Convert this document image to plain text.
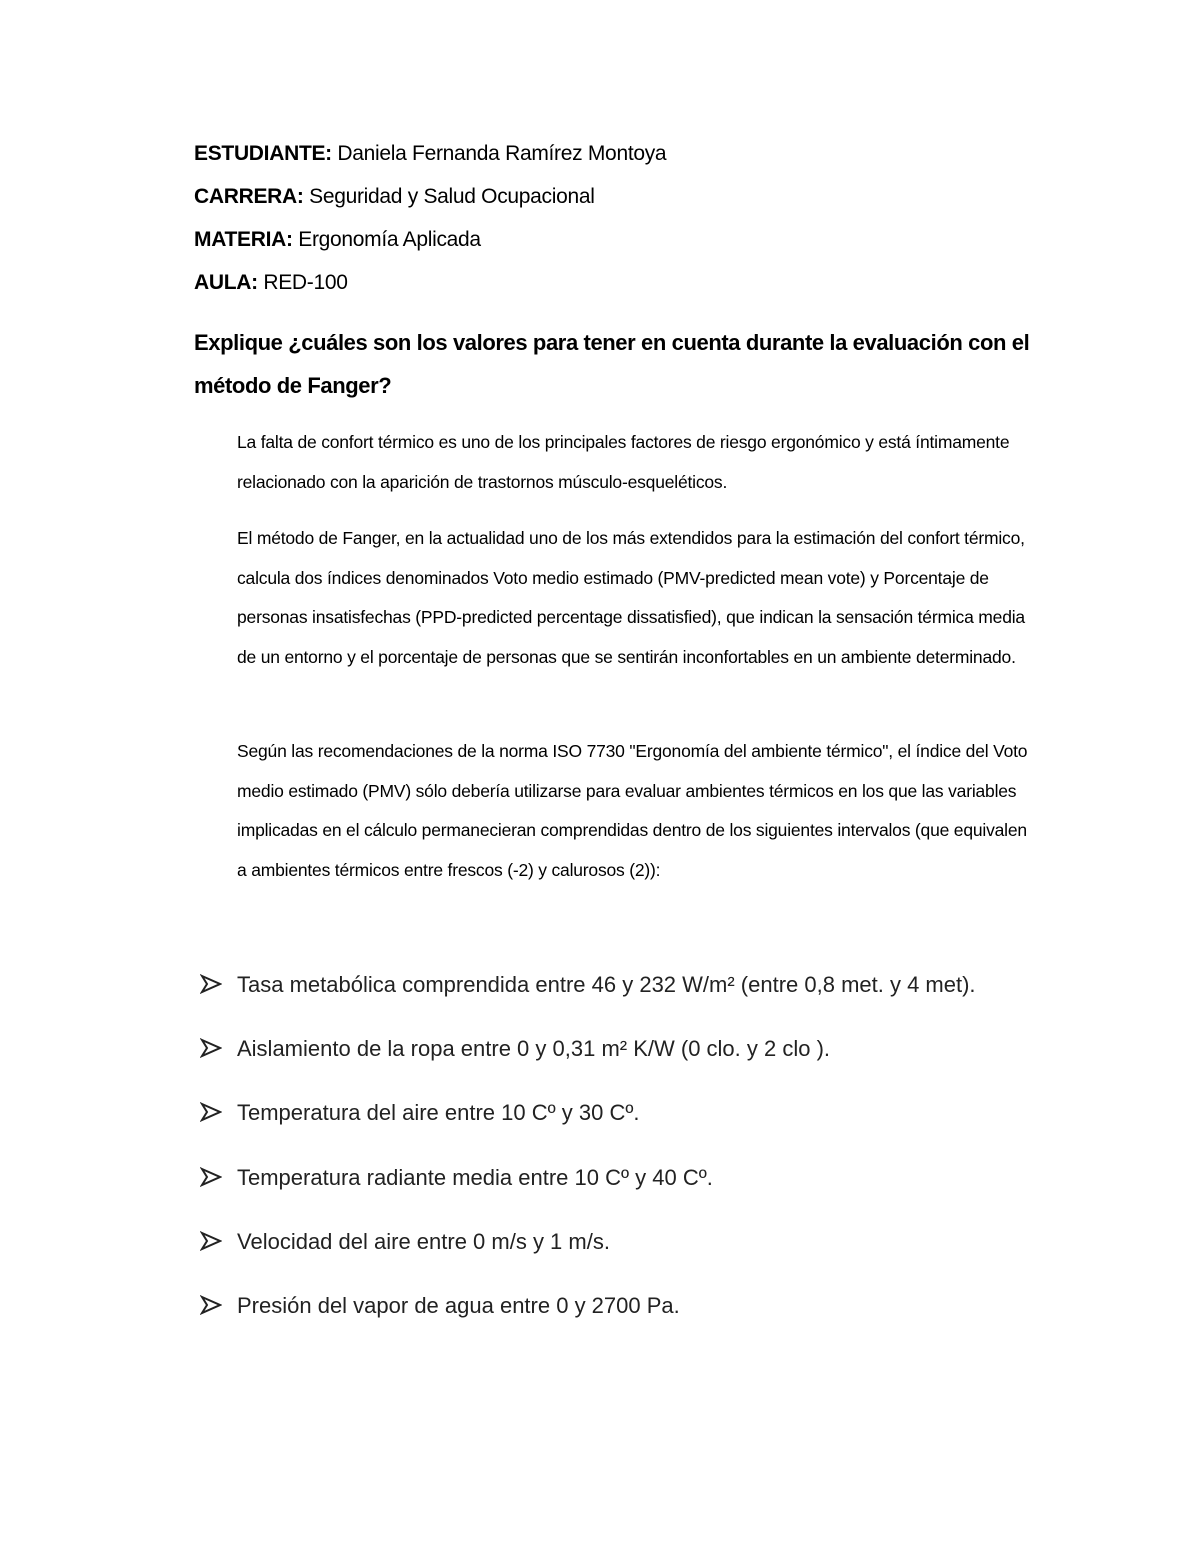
ESTUDIANTE: Daniela Fernanda Ramírez Montoya
CARRERA: Seguridad y Salud Ocupacional
MATERIA: Ergonomía Aplicada
AULA: RED-100

Explique ¿cuáles son los valores para tener en cuenta durante la evaluación con el método de Fanger?

La falta de confort térmico es uno de los principales factores de riesgo ergonómico y está íntimamente relacionado con la aparición de trastornos músculo-esqueléticos.

El método de Fanger, en la actualidad uno de los más extendidos para la estimación del confort térmico, calcula dos índices denominados Voto medio estimado (PMV-predicted mean vote) y Porcentaje de personas insatisfechas (PPD-predicted percentage dissatisfied), que indican la sensación térmica media de un entorno y el porcentaje de personas que se sentirán inconfortables en un ambiente determinado.

Según las recomendaciones de la norma ISO 7730 "Ergonomía del ambiente térmico", el índice del Voto medio estimado (PMV) sólo debería utilizarse para evaluar ambientes térmicos en los que las variables implicadas en el cálculo permanecieran comprendidas dentro de los siguientes intervalos (que equivalen a ambientes térmicos entre frescos (-2) y calurosos (2)):

Tasa metabólica comprendida entre 46 y 232 W/m² (entre 0,8 met. y 4 met).
Aislamiento de la ropa entre 0 y 0,31 m² K/W (0 clo. y 2 clo ).
Temperatura del aire entre 10 Cº y 30 Cº.
Temperatura radiante media entre 10 Cº y 40 Cº.
Velocidad del aire entre 0 m/s y 1 m/s.
Presión del vapor de agua entre 0 y 2700 Pa.
